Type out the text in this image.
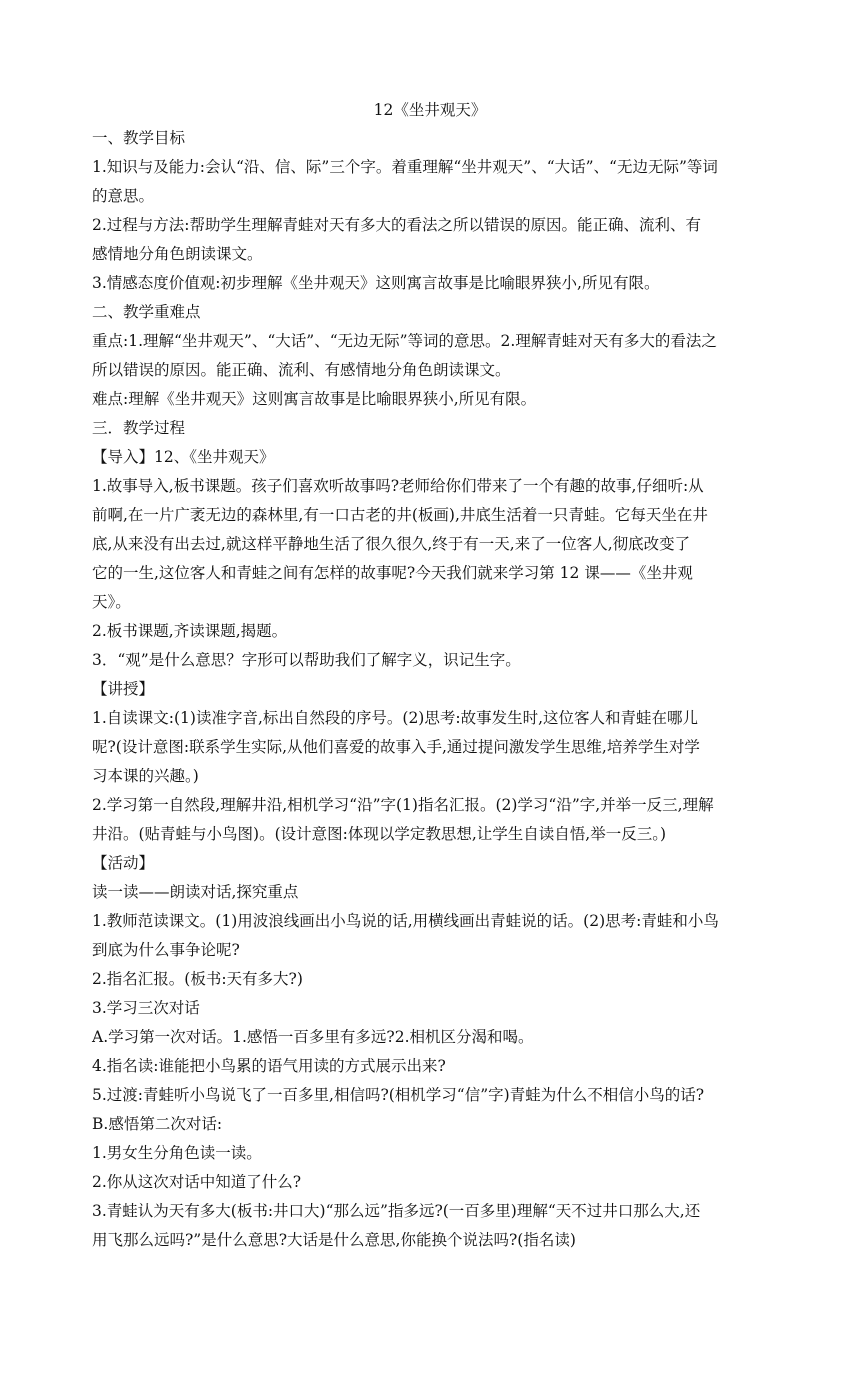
12《坐井观天》

一、教学目标

1.知识与及能力:会认“沿、信、际”三个字。着重理解“坐井观天”、“大话”、“无边无际”等词
的意思。

2.过程与方法:帮助学生理解青蛙对天有多大的看法之所以错误的原因。能正确、流利、有
感情地分角色朗读课文。

3.情感态度价值观:初步理解《坐井观天》这则寓言故事是比喻眼界狭小,所见有限。

二、教学重难点

重点:1.理解“坐井观天”、“大话”、“无边无际”等词的意思。2.理解青蛙对天有多大的看法之
所以错误的原因。能正确、流利、有感情地分角色朗读课文。

难点:理解《坐井观天》这则寓言故事是比喻眼界狭小,所见有限。

三．教学过程

【导入】12、《坐井观天》

1.故事导入,板书课题。孩子们喜欢听故事吗?老师给你们带来了一个有趣的故事,仔细听:从
前啊,在一片广袤无边的森林里,有一口古老的井(板画),井底生活着一只青蛙。它每天坐在井
底,从来没有出去过,就这样平静地生活了很久很久,终于有一天,来了一位客人,彻底改变了
它的一生,这位客人和青蛙之间有怎样的故事呢?今天我们就来学习第 12 课——《坐井观
天》。

2.板书课题,齐读课题,揭题。

3．“观”是什么意思？字形可以帮助我们了解字义，识记生字。

【讲授】

1.自读课文:(1)读准字音,标出自然段的序号。(2)思考:故事发生时,这位客人和青蛙在哪儿
呢?(设计意图:联系学生实际,从他们喜爱的故事入手,通过提问激发学生思维,培养学生对学
习本课的兴趣。)

2.学习第一自然段,理解井沿,相机学习“沿”字(1)指名汇报。(2)学习“沿”字,并举一反三,理解
井沿。(贴青蛙与小鸟图)。(设计意图:体现以学定教思想,让学生自读自悟,举一反三。)

【活动】

读一读——朗读对话,探究重点

1.教师范读课文。(1)用波浪线画出小鸟说的话,用横线画出青蛙说的话。(2)思考:青蛙和小鸟
到底为什么事争论呢?

2.指名汇报。(板书:天有多大?)

3.学习三次对话

A.学习第一次对话。1.感悟一百多里有多远?2.相机区分渴和喝。

4.指名读:谁能把小鸟累的语气用读的方式展示出来?

5.过渡:青蛙听小鸟说飞了一百多里,相信吗?(相机学习“信”字)青蛙为什么不相信小鸟的话?

B.感悟第二次对话:

1.男女生分角色读一读。

2.你从这次对话中知道了什么?

3.青蛙认为天有多大(板书:井口大)“那么远”指多远?(一百多里)理解“天不过井口那么大,还
用飞那么远吗?”是什么意思?大话是什么意思,你能换个说法吗?(指名读)
